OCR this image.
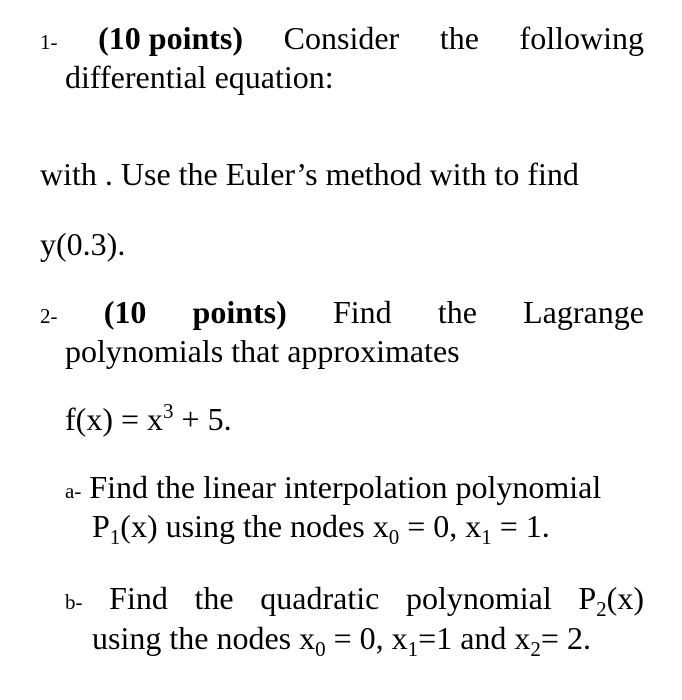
1- (10 points) Consider the following
differential equation:
with . Use the Euler’s method with to find
y(0.3).
2- (10 points) Find the Lagrange
polynomials that approximates
$f(x) = x^3 + 5$.
a- Find the linear interpolation polynomial
$P_1(x)$ using the nodes $x_0 = 0$, $x_1 = 1$.
b- Find the quadratic polynomial $P_2(x)$
using the nodes $x_0 = 0$, $x_1=1$ and $x_2= 2$.
